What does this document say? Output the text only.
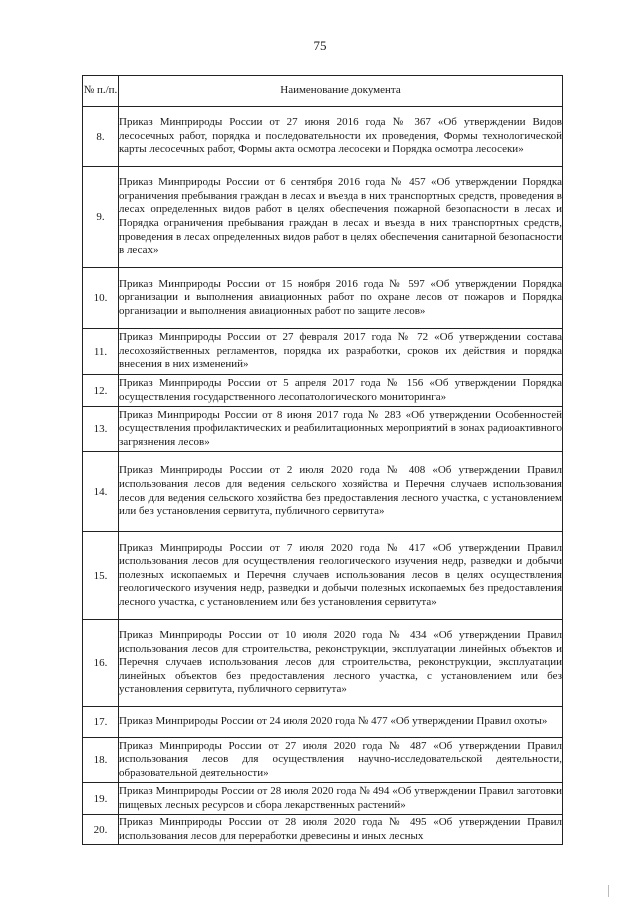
75
№ п./п.	Наименование документа
8.	Приказ Минприроды России от 27 июня 2016 года № 367 «Об утверждении Видов лесосечных работ, порядка и последовательности их проведения, Формы технологической карты лесосечных работ, Формы акта осмотра лесосеки и Порядка осмотра лесосеки»
9.	Приказ Минприроды России от 6 сентября 2016 года № 457 «Об утверждении Порядка ограничения пребывания граждан в лесах и въезда в них транспортных средств, проведения в лесах определенных видов работ в целях обеспечения пожарной безопасности в лесах и Порядка ограничения пребывания граждан в лесах и въезда в них транспортных средств, проведения в лесах определенных видов работ в целях обеспечения санитарной безопасности в лесах»
10.	Приказ Минприроды России от 15 ноября 2016 года № 597 «Об утверждении Порядка организации и выполнения авиационных работ по охране лесов от пожаров и Порядка организации и выполнения авиационных работ по защите лесов»
11.	Приказ Минприроды России от 27 февраля 2017 года № 72 «Об утверждении состава лесохозяйственных регламентов, порядка их разработки, сроков их действия и порядка внесения в них изменений»
12.	Приказ Минприроды России от 5 апреля 2017 года № 156 «Об утверждении Порядка осуществления государственного лесопатологического мониторинга»
13.	Приказ Минприроды России от 8 июня 2017 года № 283 «Об утверждении Особенностей осуществления профилактических и реабилитационных мероприятий в зонах радиоактивного загрязнения лесов»
14.	Приказ Минприроды России от 2 июля 2020 года № 408 «Об утверждении Правил использования лесов для ведения сельского хозяйства и Перечня случаев использования лесов для ведения сельского хозяйства без предоставления лесного участка, с установлением или без установления сервитута, публичного сервитута»
15.	Приказ Минприроды России от 7 июля 2020 года № 417 «Об утверждении Правил использования лесов для осуществления геологического изучения недр, разведки и добычи полезных ископаемых и Перечня случаев использования лесов в целях осуществления геологического изучения недр, разведки и добычи полезных ископаемых без предоставления лесного участка, с установлением или без установления сервитута»
16.	Приказ Минприроды России от 10 июля 2020 года № 434 «Об утверждении Правил использования лесов для строительства, реконструкции, эксплуатации линейных объектов и Перечня случаев использования лесов для строительства, реконструкции, эксплуатации линейных объектов без предоставления лесного участка, с установлением или без установления сервитута, публичного сервитута»
17.	Приказ Минприроды России от 24 июля 2020 года № 477 «Об утверждении Правил охоты»
18.	Приказ Минприроды России от 27 июля 2020 года № 487 «Об утверждении Правил использования лесов для осуществления научно-исследовательской деятельности, образовательной деятельности»
19.	Приказ Минприроды России от 28 июля 2020 года № 494 «Об утверждении Правил заготовки пищевых лесных ресурсов и сбора лекарственных растений»
20.	Приказ Минприроды России от 28 июля 2020 года № 495 «Об утверждении Правил использования лесов для переработки древесины и иных лесных
